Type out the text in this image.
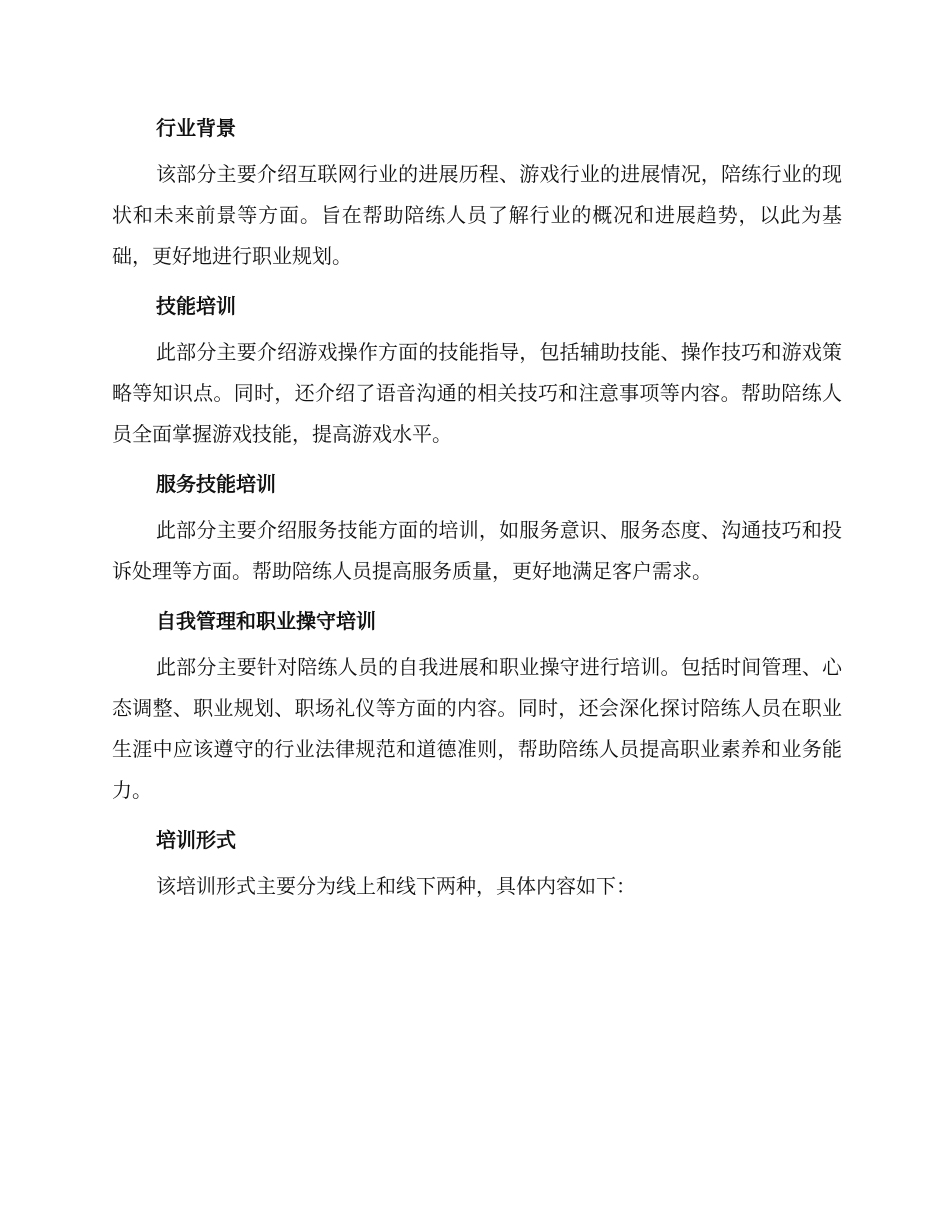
行业背景

该部分主要介绍互联网行业的进展历程、游戏行业的进展情况，陪练行业的现状和未来前景等方面。旨在帮助陪练人员了解行业的概况和进展趋势，以此为基础，更好地进行职业规划。

技能培训

此部分主要介绍游戏操作方面的技能指导，包括辅助技能、操作技巧和游戏策略等知识点。同时，还介绍了语音沟通的相关技巧和注意事项等内容。帮助陪练人员全面掌握游戏技能，提高游戏水平。

服务技能培训

此部分主要介绍服务技能方面的培训，如服务意识、服务态度、沟通技巧和投诉处理等方面。帮助陪练人员提高服务质量，更好地满足客户需求。

自我管理和职业操守培训

此部分主要针对陪练人员的自我进展和职业操守进行培训。包括时间管理、心态调整、职业规划、职场礼仪等方面的内容。同时，还会深化探讨陪练人员在职业生涯中应该遵守的行业法律规范和道德准则，帮助陪练人员提高职业素养和业务能力。

培训形式

该培训形式主要分为线上和线下两种，具体内容如下：
